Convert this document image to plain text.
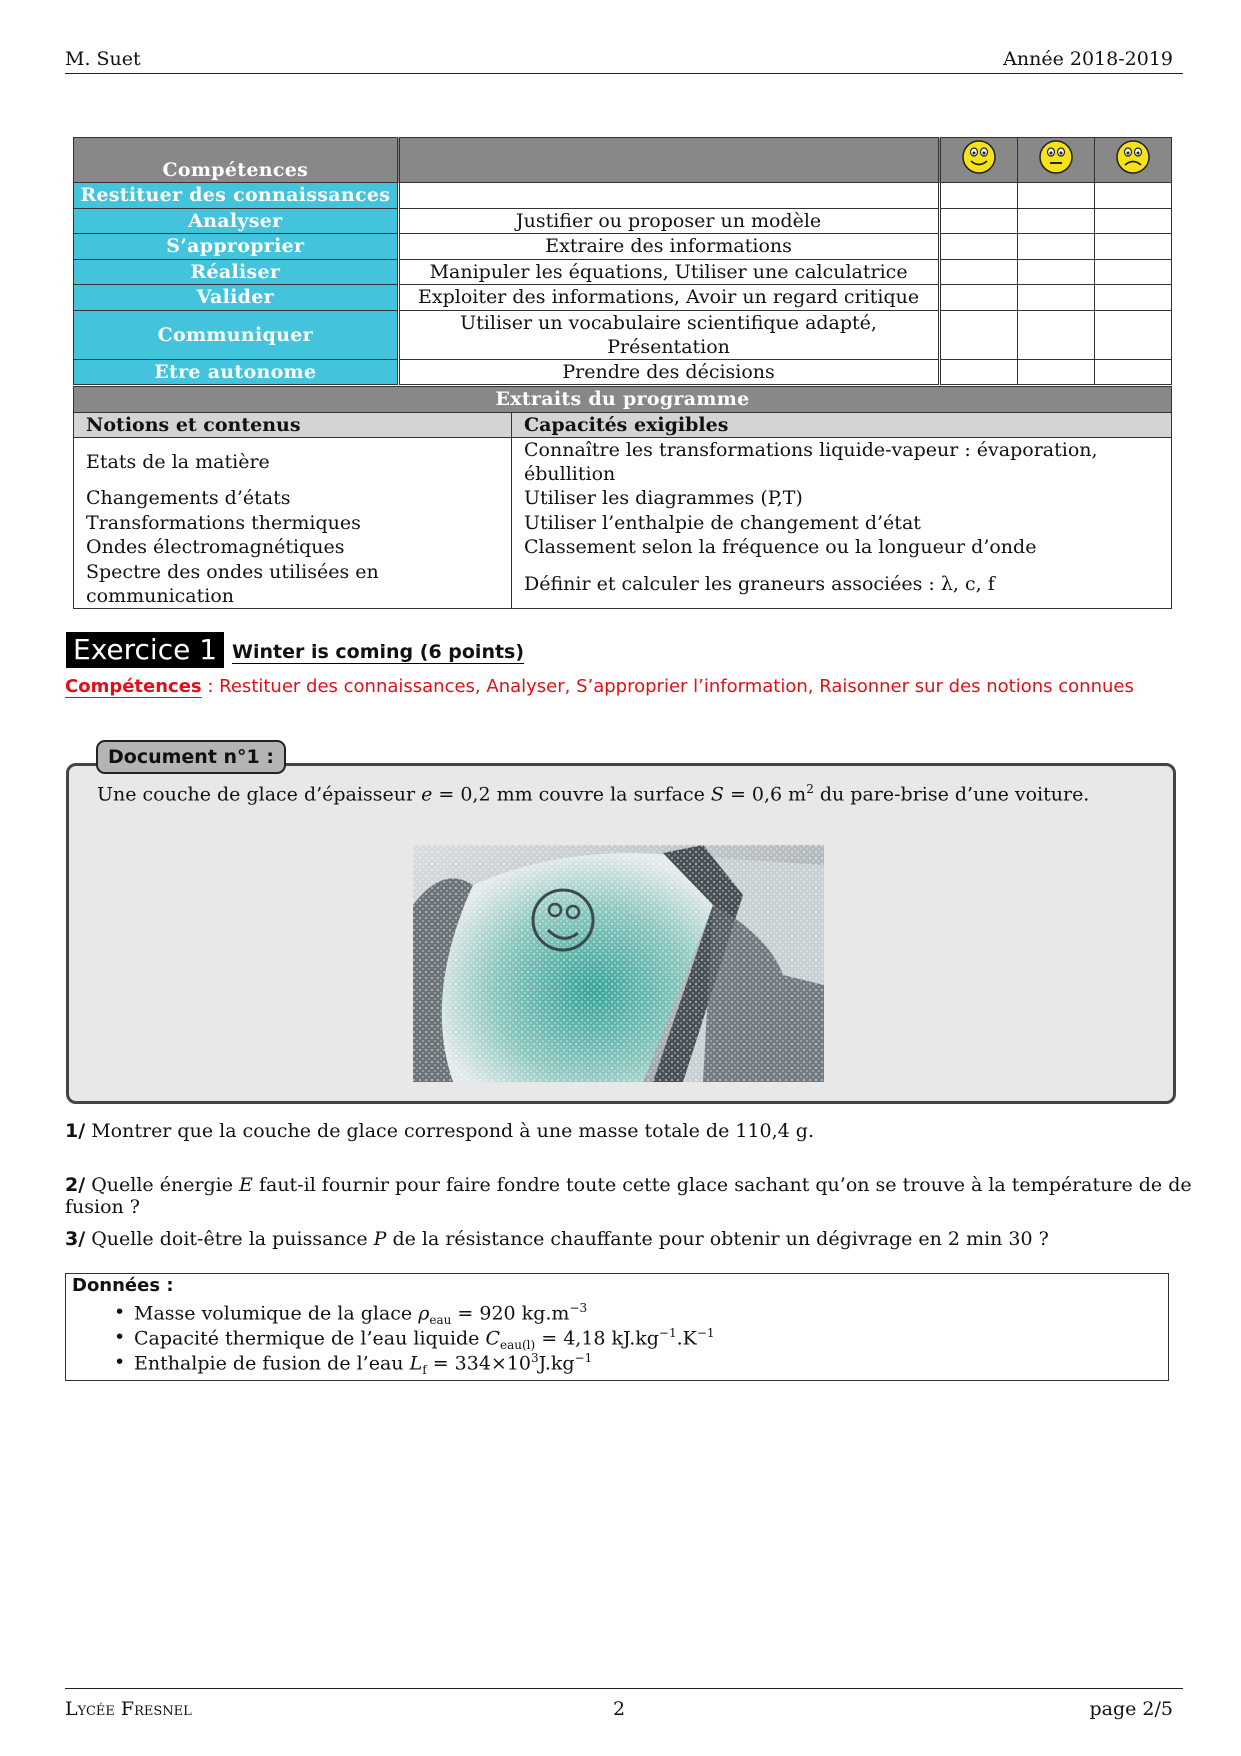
M. Suet	Année 2018-2019
Compétences				
Restituer des connaissances				
Analyser	Justifier ou proposer un modèle			
S’approprier	Extraire des informations			
Réaliser	Manipuler les équations, Utiliser une calculatrice			
Valider	Exploiter des informations, Avoir un regard critique			
Communiquer	Utiliser un vocabulaire scientifique adapté, Présentation			
Etre autonome	Prendre des décisions			
Extraits du programme	
Notions et contenus	Capacités exigibles
Etats de la matière	Connaître les transformations liquide-vapeur : évaporation, ébullition
Changements d’états	Utiliser les diagrammes (P,T)
Transformations thermiques	Utiliser l’enthalpie de changement d’état
Ondes électromagnétiques	Classement selon la fréquence ou la longueur d’onde
Spectre des ondes utilisées en communication	Définir et calculer les graneurs associées : λ, c, f
Exercice 1 Winter is coming (6 points)
Compétences : Restituer des connaissances, Analyser, S’approprier l’information, Raisonner sur des notions connues
Document n°1 :
Une couche de glace d’épaisseur e = 0,2 mm couvre la surface S = 0,6 $m^2$ du pare-brise d’une voiture.
1/ Montrer que la couche de glace correspond à une masse totale de 110,4 g.
2/ Quelle énergie E faut-il fournir pour faire fondre toute cette glace sachant qu’on se trouve à la température de de fusion ?
3/ Quelle doit-être la puissance P de la résistance chauffante pour obtenir un dégivrage en 2 min 30 ?
Données :
• Masse volumique de la glace $\rho_{eau} = 920$ $kg.m^{-3}$
• Capacité thermique de l’eau liquide $C_{eau(l)} = 4,18$ $kJ.kg^{-1}.K^{-1}$
• Enthalpie de fusion de l’eau $L_f = 334\times 10^3J.kg^{-1}$
Lycée Fresnel	2	page 2/5
